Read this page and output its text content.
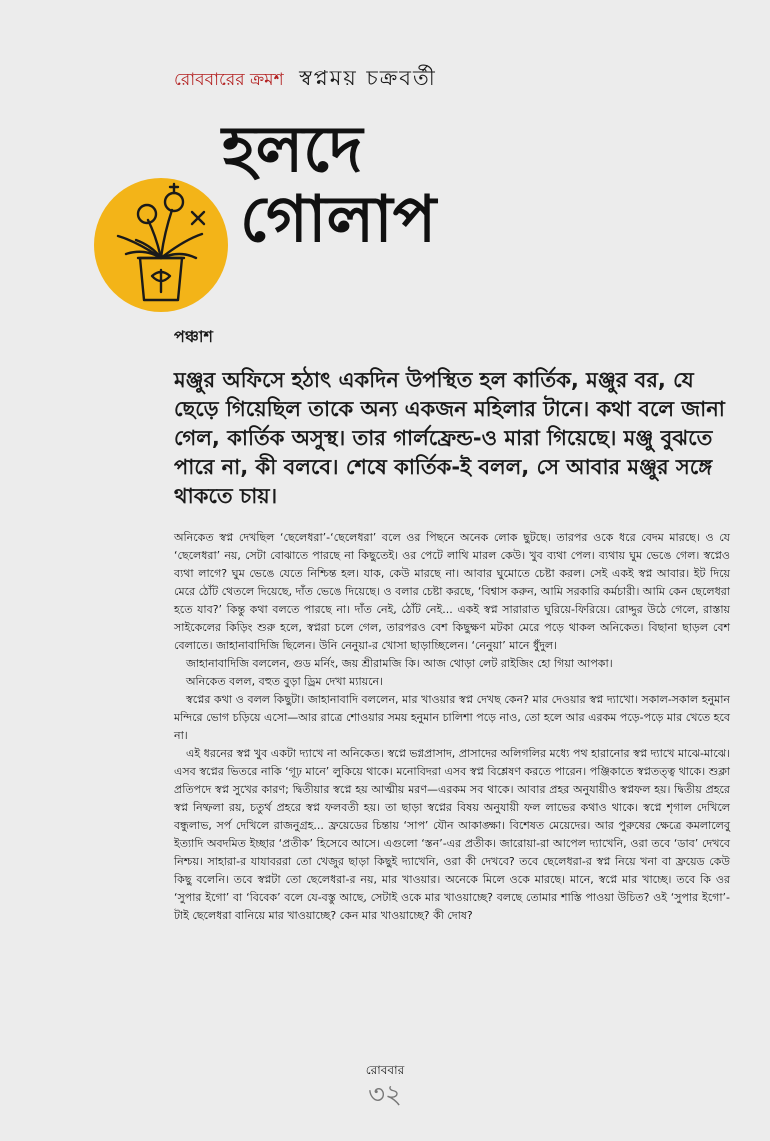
রোববারের ক্রমশ স্বপ্নময় চক্রবর্তী
হলদে
গোলাপ
পঞ্চাশ

মঞ্জুর অফিসে হঠাৎ একদিন উপস্থিত হল কার্তিক, মঞ্জুর বর, যে ছেড়ে গিয়েছিল তাকে অন্য একজন মহিলার টানে। কথা বলে জানা গেল, কার্তিক অসুস্থ। তার গার্লফ্রেন্ড-ও মারা গিয়েছে। মঞ্জু বুঝতে পারে না, কী বলবে। শেষে কার্তিক-ই বলল, সে আবার মঞ্জুর সঙ্গে থাকতে চায়।

অনিকেত স্বপ্ন দেখছিল ‘ছেলেধরা’-‘ছেলেধরা’ বলে ওর পিছনে অনেক লোক ছুটছে। তারপর ওকে ধরে বেদম মারছে। ও যে ‘ছেলেধরা’ নয়, সেটা বোঝাতে পারছে না কিছুতেই। ওর পেটে লাথি মারল কেউ। খুব ব্যথা পেল। ব্যথায় ঘুম ভেঙে গেল। স্বপ্নেও ব্যথা লাগে? ঘুম ভেঙে যেতে নিশ্চিন্ত হল। যাক, কেউ মারছে না। আবার ঘুমোতে চেষ্টা করল। সেই একই স্বপ্ন আবার। ইট দিয়ে মেরে ঠোঁট থেতলে দিয়েছে, দাঁত ভেঙে দিয়েছে। ও বলার চেষ্টা করছে, ‘বিশ্বাস করুন, আমি সরকারি কর্মচারী। আমি কেন ছেলেধরা হতে যাব?’ কিন্তু কথা বলতে পারছে না। দাঁত নেই, ঠোঁট নেই... একই স্বপ্ন সারারাত ঘুরিয়ে-ফিরিয়ে। রোদ্দুর উঠে গেলে, রাস্তায় সাইকেলের কিড়িং শুরু হলে, স্বপ্নরা চলে গেল, তারপরও বেশ কিছুক্ষণ মটকা মেরে পড়ে থাকল অনিকেত। বিছানা ছাড়ল বেশ বেলাতে। জাহানাবাদিজি ছিলেন। উনি নেনুয়া-র খোসা ছাড়াচ্ছিলেন। ‘নেনুয়া’ মানে ধুঁদুল।

জাহানাবাদিজি বললেন, গুড মর্নিং, জয় শ্রীরামজি কি। আজ থোড়া লেট রাইজিং হো গিয়া আপকা।

অনিকেত বলল, বহুত বুড়া ড্রিম দেখা ম্যায়নে।

স্বপ্নের কথা ও বলল কিছুটা। জাহানাবাদি বললেন, মার খাওয়ার স্বপ্ন দেখছ কেন? মার দেওয়ার স্বপ্ন দ্যাখো। সকাল-সকাল হনুমান মন্দিরে ভোগ চড়িয়ে এসো—আর রাত্রে শোওয়ার সময় হনুমান চালিশা পড়ে নাও, তো হলে আর এরকম পড়ে-পড়ে মার খেতে হবে না।

এই ধরনের স্বপ্ন খুব একটা দ্যাখে না অনিকেত। স্বপ্নে ভগ্নপ্রাসাদ, প্রাসাদের অলিগলির মধ্যে পথ হারানোর স্বপ্ন দ্যাখে মাঝে-মাঝে। এসব স্বপ্নের ভিতরে নাকি ‘গূঢ় মানে’ লুকিয়ে থাকে। মনোবিদরা এসব স্বপ্ন বিশ্লেষণ করতে পারেন। পঞ্জিকাতে স্বপ্নতত্ত্ব থাকে। শুক্লা প্রতিপদে স্বপ্ন সুখের কারণ; দ্বিতীয়ার স্বপ্নে হয় আত্মীয় মরণ—এরকম সব থাকে। আবার প্রহর অনুযায়ীও স্বপ্নফল হয়। দ্বিতীয় প্রহরে স্বপ্ন নিষ্ফলা রয়, চতুর্থ প্রহরে স্বপ্ন ফলবতী হয়। তা ছাড়া স্বপ্নের বিষয় অনুযায়ী ফল লাভের কথাও থাকে। স্বপ্নে শৃগাল দেখিলে বন্ধুলাভ, সর্প দেখিলে রাজনুগ্রহ... ফ্রয়েডের চিন্তায় ‘সাপ’ যৌন আকাঙ্ক্ষা। বিশেষত মেয়েদের। আর পুরুষের ক্ষেত্রে কমলালেবু ইত্যাদি অবদমিত ইচ্ছার ‘প্রতীক’ হিসেবে আসে। এগুলো ‘স্তন’-এর প্রতীক। জারোয়া-রা আপেল দ্যাখেনি, ওরা তবে ‘ডাব’ দেখবে নিশ্চয়। সাহারা-র যাযাবররা তো খেজুর ছাড়া কিছুই দ্যাখেনি, ওরা কী দেখবে? তবে ছেলেধরা-র স্বপ্ন নিয়ে খনা বা ফ্রয়েড কেউ কিছু বলেনি। তবে স্বপ্নটা তো ছেলেধরা-র নয়, মার খাওয়ার। অনেকে মিলে ওকে মারছে। মানে, স্বপ্নে মার খাচ্ছে। তবে কি ওর ‘সুপার ইগো’ বা ‘বিবেক’ বলে যে-বস্তু আছে, সেটাই ওকে মার খাওয়াচ্ছে? বলছে তোমার শাস্তি পাওয়া উচিত? ওই ‘সুপার ইগো’-টাই ছেলেধরা বানিয়ে মার খাওয়াচ্ছে? কেন মার খাওয়াচ্ছে? কী দোষ?

রোববার
৩২
